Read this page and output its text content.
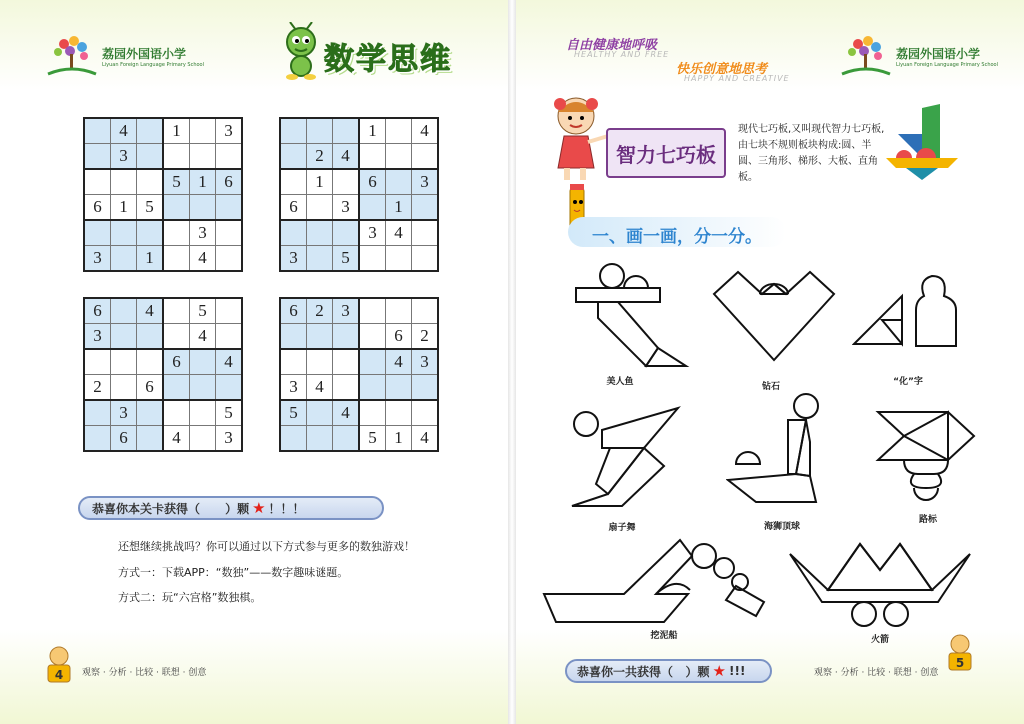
荔园外国语小学
Liyuan Foreign Language Primary School	数学思维
	4		1		3
	3				
			5	1	6
6	1	5			
				3	
3		1		4	
			1		4
	2	4			
	1		6		3
6		3		1	
			3	4	
3		5			
6		4		5	
3				4	
			6		4
2		6			
	3				5
	6		4		3
6	2	3			
				6	2
				4	3
3	4				
5		4			
			5	1	4
恭喜你本关卡获得（      ）颗 ★ ！！！
还想继续挑战吗？你可以通过以下方式参与更多的数独游戏！
方式一：下载APP：“数独”——数字趣味谜题。
方式二：玩“六宫格”数独棋。
4 观察 · 分析 · 比较 · 联想 · 创意
自由健康地呼吸
HEALTHY AND FREE
快乐创意地思考
HAPPY AND CREATIVE
荔园外国语小学
Liyuan Foreign Language Primary School
智力七巧板
现代七巧板,又叫现代智力七巧板,由七块不规则板块构成:圆、半圆、三角形、梯形、大板、直角板。
一、画一画，分一分。
美人鱼	钻石	“化”字
扇子舞	海狮顶球
路标
挖泥船	火箭
恭喜你一共获得（   ）颗 ★ !!!	观察 · 分析 · 比较 · 联想 · 创意
5
